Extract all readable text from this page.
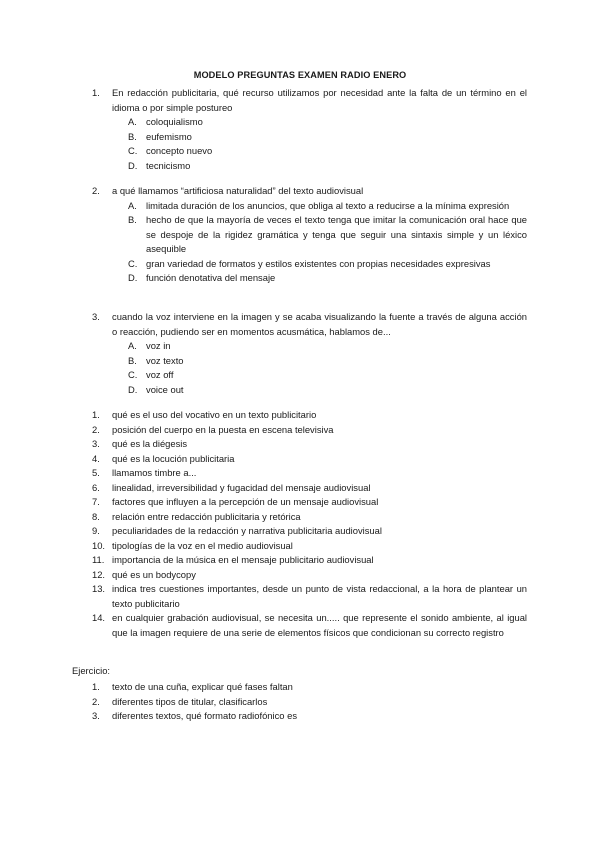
MODELO PREGUNTAS EXAMEN RADIO ENERO
1. En redacción publicitaria, qué recurso utilizamos por necesidad ante la falta de un término en el idioma o por simple postureo
A. coloquialismo
B. eufemismo
C. concepto nuevo
D. tecnicismo
2. a qué llamamos “artificiosa naturalidad” del texto audiovisual
A. limitada duración de los anuncios, que obliga al texto a reducirse a la mínima expresión
B. hecho de que la mayoría de veces el texto tenga que imitar la comunicación oral hace que se despoje de la rigidez gramática y tenga que seguir una sintaxis simple y un léxico asequible
C. gran variedad de formatos y estilos existentes con propias necesidades expresivas
D. función denotativa del mensaje
3. cuando la voz interviene en la imagen y se acaba visualizando la fuente a través de alguna acción o reacción, pudiendo ser en momentos acusmática, hablamos de...
A. voz in
B. voz texto
C. voz off
D. voice out
1. qué es el uso del vocativo en un texto publicitario
2. posición del cuerpo en la puesta en escena televisiva
3. qué es la diégesis
4. qué es la locución publicitaria
5. llamamos timbre a...
6. linealidad, irreversibilidad y fugacidad del mensaje audiovisual
7. factores que influyen a la percepción de un mensaje audiovisual
8. relación entre redacción publicitaria y retórica
9. peculiaridades de la redacción y narrativa publicitaria audiovisual
10. tipologías de la voz en el medio audiovisual
11. importancia de la música en el mensaje publicitario audiovisual
12. qué es un bodycopy
13. indica tres cuestiones importantes, desde un punto de vista redaccional, a la hora de plantear un texto publicitario
14. en cualquier grabación audiovisual, se necesita un..... que represente el sonido ambiente, al igual que la imagen requiere de una serie de elementos físicos que condicionan su correcto registro
Ejercicio:
1. texto de una cuña, explicar qué fases faltan
2. diferentes tipos de titular, clasificarlos
3. diferentes textos, qué formato radiofónico es
